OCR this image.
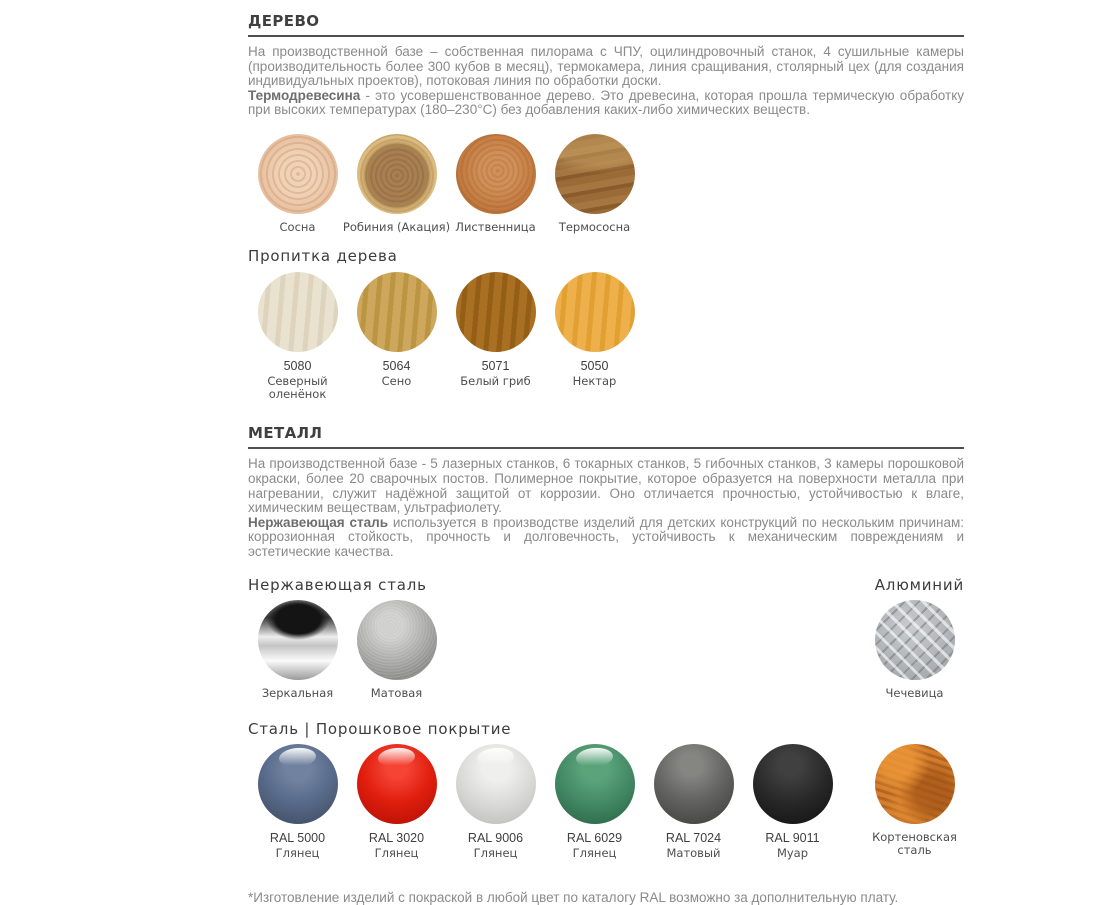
ДЕРЕВО

На производственной базе – собственная пилорама с ЧПУ, оцилиндровочный станок, 4 сушильные камеры (производительность более 300 кубов в месяц), термокамера, линия сращивания, столярный цех (для создания индивидуальных проектов), потоковая линия по обработки доски.

Термодревесина - это усовершенствованное дерево. Это древесина, которая прошла термическую обработку при высоких температурах (180–230°С) без добавления каких-либо химических веществ.

Сосна Робиния (Акация) Лиственница Термососна
Пропитка дерева
5080
Северный оленёнок
5064
Сено
5071
Белый гриб
5050
Нектар
МЕТАЛЛ

На производственной базе - 5 лазерных станков, 6 токарных станков, 5 гибочных станков, 3 камеры порошковой окраски, более 20 сварочных постов. Полимерное покрытие, которое образуется на поверхности металла при нагревании, служит надёжной защитой от коррозии. Оно отличается прочностью, устойчивостью к влаге, химическим веществам, ультрафиолету.

Нержавеющая сталь используется в производстве изделий для детских конструкций по нескольким причинам: коррозионная стойкость, прочность и долговечность, устойчивость к механическим повреждениям и эстетические качества.

Нержавеющая сталь	Алюминий
Зеркальная	Матовая	Чечевица
Сталь | Порошковое покрытие
RAL 5000
Глянец
RAL 3020
Глянец
RAL 9006
Глянец
RAL 6029
Глянец
RAL 7024
Матовый
RAL 9011
Муар
Кортеновская сталь
*Изготовление изделий с покраской в любой цвет по каталогу RAL возможно за дополнительную плату.
